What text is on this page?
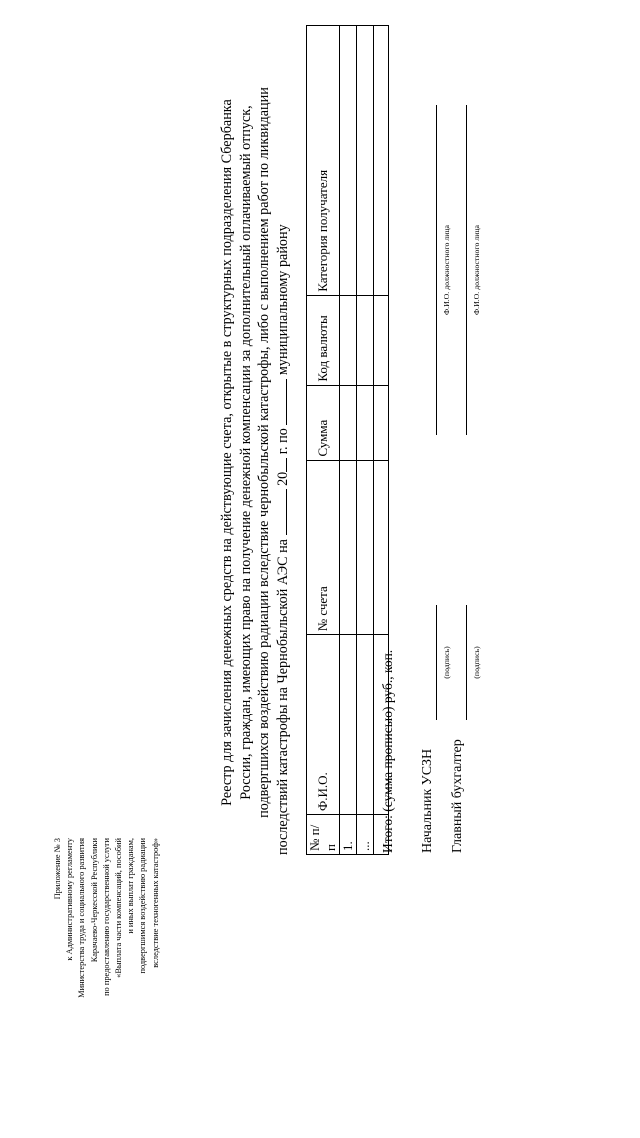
Приложение № 3 к Административному регламенту Министерства труда и социального развития Карачаево-Черкесской Республики по предоставлению государственной услуги «Выплата части компенсаций, пособий и иных выплат гражданам, подвергшимся воздействию радиации вследствие техногенных катастроф»
Реестр для зачисления денежных средств на действующие счета, открытые в структурных подразделения Сбербанка России, граждан, имеющих право на получение денежной компенсации за дополнительный оплачиваемый отпуск, подвергшихся воздействию радиации вследствие чернобыльской катастрофы, либо с выполнением работ по ликвидации последствий катастрофы на Чернобыльской АЭС на  20 г. по  муниципальному району
№ п/п	Ф.И.О.	№ счета	Сумма	Код валюты	Категория получателя
1.					
...					
					Итого: (сумма прописью) руб., коп. Начальник УСЗН
(подпись)
Ф.И.О. должностного лица
Главный бухгалтер
(подпись)
Ф.И.О. должностного лица
